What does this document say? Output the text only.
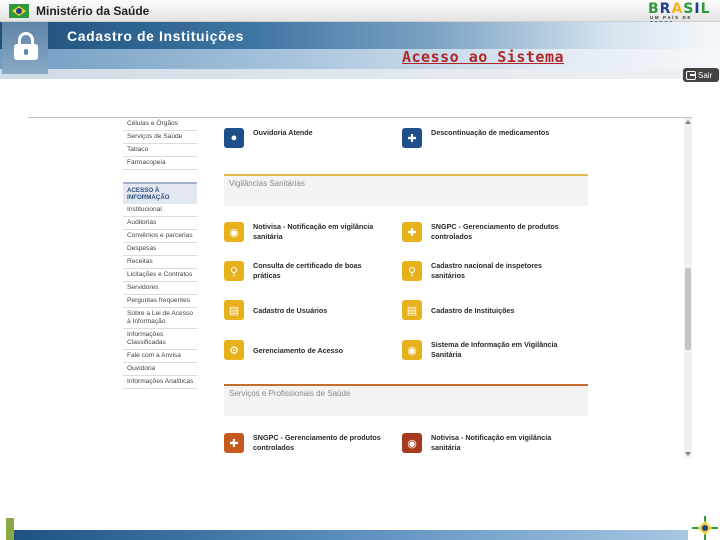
Ministério da Saúde	BRASIL
UM PAÍS DE
Cadastro de Instituições
Acesso ao Sistema
Sair
Células e Órgãos
Serviços de Saúde
Tabaco
Farmacopeia
ACESSO À INFORMAÇÃO
Institucional
Auditorias
Convênios e parcerias
Despesas
Receitas
Licitações e Contratos
Servidores
Perguntas frequentes
Sobre a Lei de Acesso à Informação
Informações Classificadas
Fale com a Anvisa
Ouvidoria
Informações Analíticas
●	Ouvidoria Atende	✚	Descontinuação de medicamentos
Vigilâncias Sanitárias
◉	Notivisa - Notificação em vigilância sanitária	✚	SNGPC - Gerenciamento de produtos controlados
⚲	Consulta de certificado de boas práticas	⚲	Cadastro nacional de inspetores sanitários
▤	Cadastro de Usuários	▤	Cadastro de Instituições
⚙	Gerenciamento de Acesso	◉	Sistema de Informação em Vigilância Sanitária
Serviços e Profissionais de Saúde
✚	SNGPC - Gerenciamento de produtos controlados	◉	Notivisa - Notificação em vigilância sanitária
